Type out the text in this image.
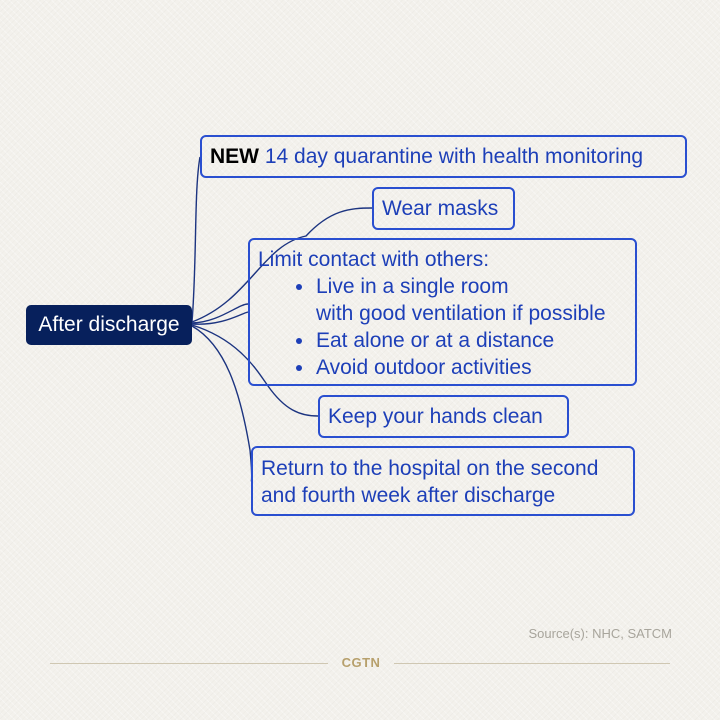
After discharge
NEW 14 day quarantine with health monitoring
Wear masks
Limit contact with others:
Live in a single room
with good ventilation if possible
Eat alone or at a distance
Avoid outdoor activities
Keep your hands clean
Return to the hospital on the second
and fourth week after discharge
Source(s): NHC, SATCM
CGTN
